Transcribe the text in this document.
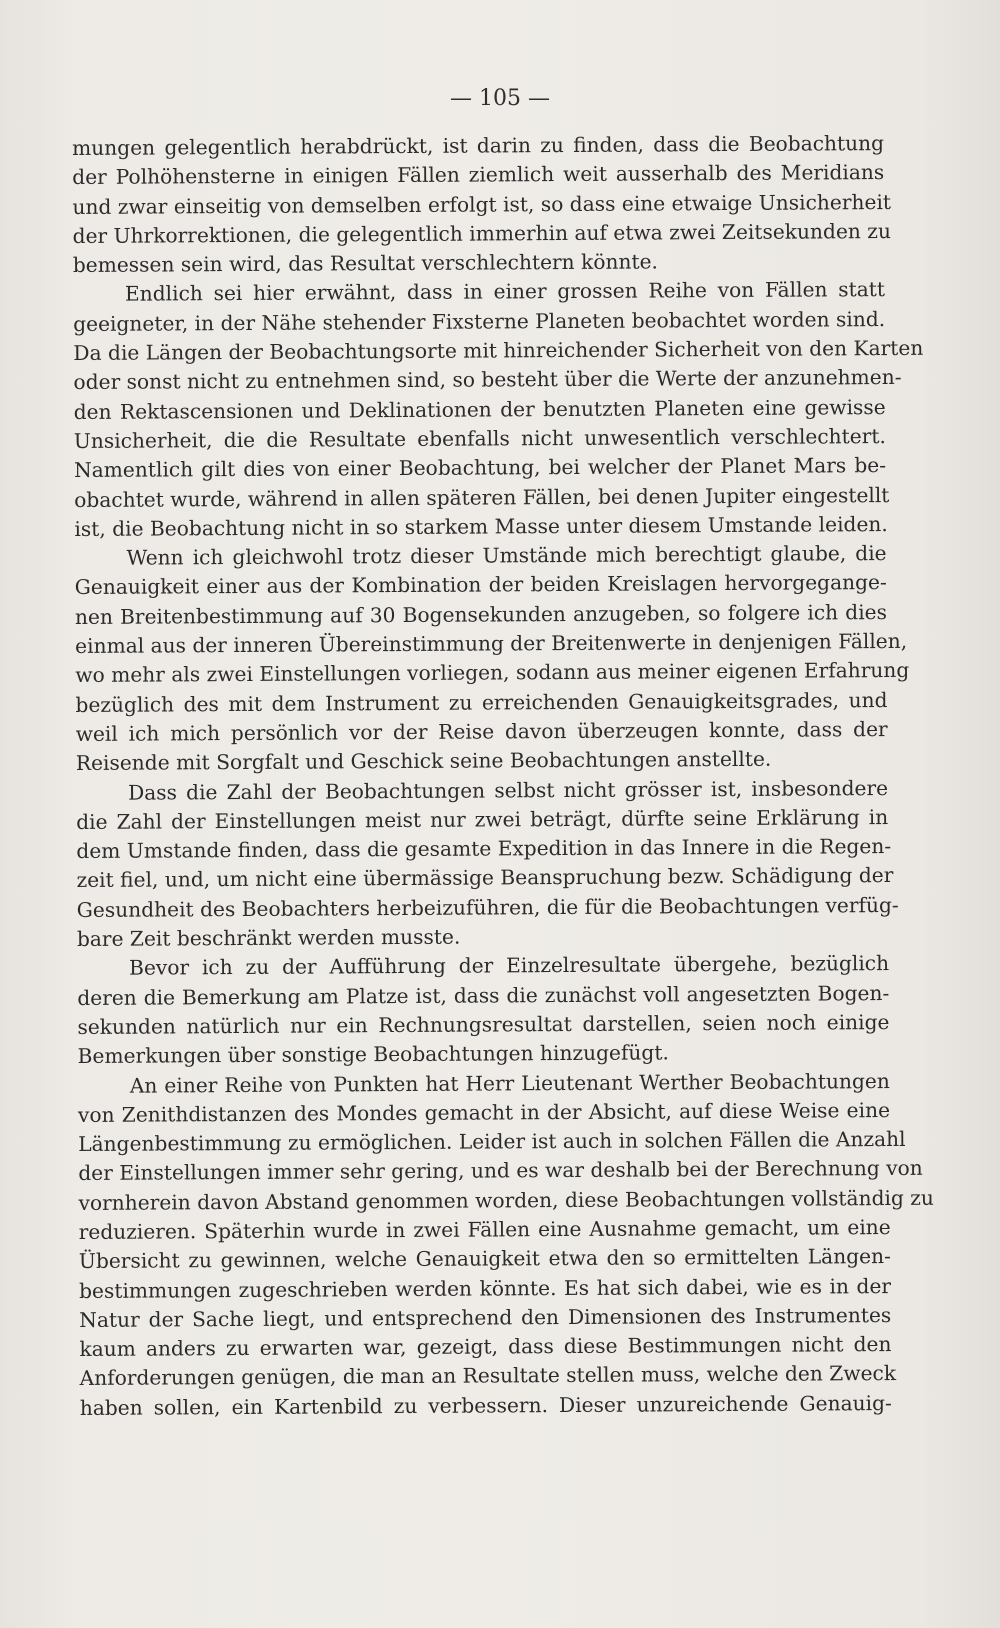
— 105 —
mungen gelegentlich herabdrückt, ist darin zu finden, dass die Beobachtung
der Polhöhensterne in einigen Fällen ziemlich weit ausserhalb des Meridians
und zwar einseitig von demselben erfolgt ist, so dass eine etwaige Unsicherheit
der Uhrkorrektionen, die gelegentlich immerhin auf etwa zwei Zeitsekunden zu
bemessen sein wird, das Resultat verschlechtern könnte.
Endlich sei hier erwähnt, dass in einer grossen Reihe von Fällen statt
geeigneter, in der Nähe stehender Fixsterne Planeten beobachtet worden sind.
Da die Längen der Beobachtungsorte mit hinreichender Sicherheit von den Karten
oder sonst nicht zu entnehmen sind, so besteht über die Werte der anzunehmen-
den Rektascensionen und Deklinationen der benutzten Planeten eine gewisse
Unsicherheit, die die Resultate ebenfalls nicht unwesentlich verschlechtert.
Namentlich gilt dies von einer Beobachtung, bei welcher der Planet Mars be-
obachtet wurde, während in allen späteren Fällen, bei denen Jupiter eingestellt
ist, die Beobachtung nicht in so starkem Masse unter diesem Umstande leiden.
Wenn ich gleichwohl trotz dieser Umstände mich berechtigt glaube, die
Genauigkeit einer aus der Kombination der beiden Kreislagen hervorgegange-
nen Breitenbestimmung auf 30 Bogensekunden anzugeben, so folgere ich dies
einmal aus der inneren Übereinstimmung der Breitenwerte in denjenigen Fällen,
wo mehr als zwei Einstellungen vorliegen, sodann aus meiner eigenen Erfahrung
bezüglich des mit dem Instrument zu erreichenden Genauigkeitsgrades, und
weil ich mich persönlich vor der Reise davon überzeugen konnte, dass der
Reisende mit Sorgfalt und Geschick seine Beobachtungen anstellte.
Dass die Zahl der Beobachtungen selbst nicht grösser ist, insbesondere
die Zahl der Einstellungen meist nur zwei beträgt, dürfte seine Erklärung in
dem Umstande finden, dass die gesamte Expedition in das Innere in die Regen-
zeit fiel, und, um nicht eine übermässige Beanspruchung bezw. Schädigung der
Gesundheit des Beobachters herbeizuführen, die für die Beobachtungen verfüg-
bare Zeit beschränkt werden musste.
Bevor ich zu der Aufführung der Einzelresultate übergehe, bezüglich
deren die Bemerkung am Platze ist, dass die zunächst voll angesetzten Bogen-
sekunden natürlich nur ein Rechnungsresultat darstellen, seien noch einige
Bemerkungen über sonstige Beobachtungen hinzugefügt.
An einer Reihe von Punkten hat Herr Lieutenant Werther Beobachtungen
von Zenithdistanzen des Mondes gemacht in der Absicht, auf diese Weise eine
Längenbestimmung zu ermöglichen. Leider ist auch in solchen Fällen die Anzahl
der Einstellungen immer sehr gering, und es war deshalb bei der Berechnung von
vornherein davon Abstand genommen worden, diese Beobachtungen vollständig zu
reduzieren. Späterhin wurde in zwei Fällen eine Ausnahme gemacht, um eine
Übersicht zu gewinnen, welche Genauigkeit etwa den so ermittelten Längen-
bestimmungen zugeschrieben werden könnte. Es hat sich dabei, wie es in der
Natur der Sache liegt, und entsprechend den Dimensionen des Instrumentes
kaum anders zu erwarten war, gezeigt, dass diese Bestimmungen nicht den
Anforderungen genügen, die man an Resultate stellen muss, welche den Zweck
haben sollen, ein Kartenbild zu verbessern. Dieser unzureichende Genauig-
